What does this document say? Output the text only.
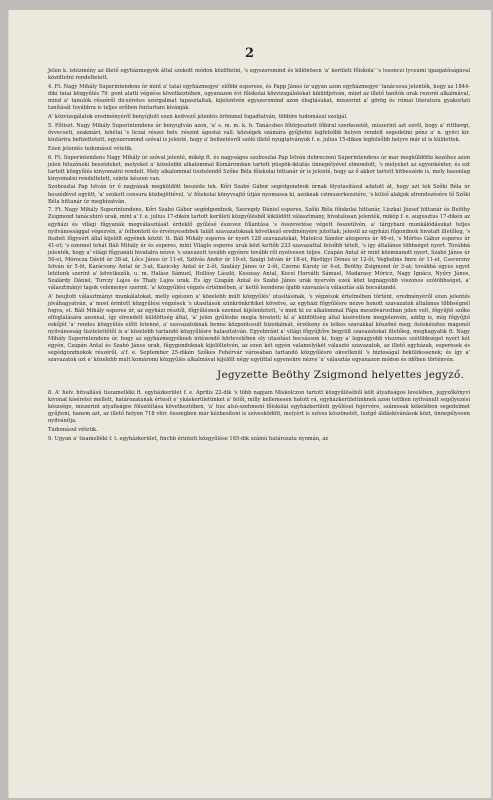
2

Jelen k. istėzmény az illető egyházmegyék által szokott módon közöltetni, 's egyszersmind és különösen 'a' kerületi főiskola' 's losonczi lyceumi igazgatóságával közöltetni rendeltetett.

4. Ft. Nagy Mihály Superintendens úr mint a' tatai egyházmegye' előbbi esperese, és Papp János úr ugyan azon egyházmegye' tanácsosa jelenték, hogy az 1844-diki tatai közgyűlés 79. pont alatti végzése következtében, ugyanazon évi főiskolai közvizsgálatokat kiküldjetván, mind az illető tanítók urak rezoréi alkalmával, mind a' tanulók részéről dicséretes szorgalmat tapasztaltak, kijelentvén egyszersmind azon óhajtásukat, miszerint a' görög és római literatura gyakorlati tanítását továbbra is teljes erőben fentartani kívánják.

A' közvizsgálatok eredményéről benyújtott ezen kedvező jelentés örömmel fogadtatván, többire tudomásul szolgál.

5. Főtiszt. Nagy Mihály Superintendens úr benyujtván azon, 'a' s. m. m. k. h. Tanácsbes főtörjesztett főbiral szerkezetét, miszerint azt ezről, hogy a' ritthergi, övvecseti, szakmári, lehétai 's liczai részei helv. részint ágostai vall. községek számára gyűjtetni legfelsőbb helyen rendelt segedelmi pénz a' n. gyöci kir. kiutárira befizettetett, egyszersmind szóval is jelenté, hogy a' befizetésről szóló illető nyugtatványok f. e. julius 15-diken legfelsőbb helyre már el is küldettek.

Ezen jelentés tudomásul vétetik.

6. Ft. Superintendens Nagy Mihály úr szóval jelenté, mikép ft. és nagyságos szoboszlai Pap István debreczeni Superintendens úr mar megküldötte kezéhez azon jelen hitszónoki beszédeket, melyeket a' közelebbi alkalommal Komáromban tartott püspök-iktatás ünnepélyével elmondott, 's melyeket az egyenkénter, és ezt tartott közgyűlés kinyomatni rendelt. Mely alkalommal tisztelendő Szőke Béla főiskolai hittanár úr is jelenté, hogy az ő akkor tartott hitbeszéde is, mely hasonlag kinyomatni rendeltetett, szinte készen van.

Szoboszlai Pap István úr ő nagyának megküldött beszéde tek. Kőri Szabó Gábor segédgondnok úrnak ölyutasításul adatott át, hogy azt tek Szőki Béla úr beszédével együtt, 'a' szokott censura közbejöttével, 'a' főiskolai könyvsajtó útján nyomassa ki, azoknak czimszerkezetére, 's külső alakjok elrendezésére tő Szőki Béla hittanár úr megbízatván.

7. Ft. Nagy Mihály Superintendens, Kőri Szabó Gábor segédgondnok, Szeregdy Dániel esperes, Szőki Béla főiskolai hittanár, Liszkai József hittanár és Beöthy Zsigmond tanácsbiró urak, mint a' f. e. julius 17-dikén tartott kerületi közgyűlésből kiküldött választmány, hivatalosan jelenték, mikép f. e. augusztus 17-dikén az egyházi és világi fűgyanák megválasztását érdeklő gyűlésé észevez főlantása 's összevetése végett összeülvén, a' tárgyhani munkálódásukat teljes nyilvánossággal végezvén, a' felbontott és érvényesebbek talált szavazatoknak következő eredményére jutottak; jelesül az egyházi fűgondnok hivatalt illetőleg, 's fiszhét főgyeért állal kijelölt egyének közül: tt. Báli Mihály esperes úr nyert 128 szavazatokat, Matolcsi Sándor alesperes úr 46-ot, 's Mórtos Gábor esperes úr 41-et; 's ezennel tehát Báli Mihály úr és esperes, mint Világlo esperes urak közt kettőb 233 szavazattal felsőbb tételt, 's így általános többséget nyert. Továbbá jelenték, hogy a' világi fűgyanáti hivatalra nézve 's szavazott tovább egyénre tovább ről nyelvesen teljes. Czapán Antal úr mint közmnanott nyert, Szabó János úr 50-et, Mórocza Dávid úr 38-at, Lőcs János úr 11-et, Szilvás Andor úr 19-et, Szalgi István úr 18-et, Pávölgyi Dénes úr 12-őt, Veghelins Imre úr 11-et, Csererzny István úr 5-öt, Karácsony Antal úr 3-at, Kazicsky Antal úr 2-őt, Szalázy János úr 2-őt, Czerne Károly úr 4-et, Beöthy Zsigmond úr 3-at; továbbá egyes egyet letétenk szerint a' következők, u. m. Halász Sámuel, Hollósy László, Keszeay Antal, Kocsi Horváth Sámuel, Madarasy Móricz, Nagy Ignácz, Nyúry János, Szalárdy Dániel, Turczy Lajos és Thaly Lajos urak. És így Czapán Antal és Szabó János urak nyervén ezek közt legnagyobb viszonos szótöbbséget, a' választmányi tagok velemenye szerint, 'a' közgyűlési végzés értelmében, a' kettő leendene újabb szavazás'a választás alá bocsátandó.

A' beujtott választmányi munkálatokat, melly egészen a' közelebb múlt közgyűlés' utasításinak, 's végzésok értelmében történt, eredményéről ezen jelentés jóváhagyatván, a' most érintett közgyűlési végzések 's utasítások szinkrönkritiket követve, az egyházi főgyűlésre nézve bonott szavazatok általános többségnél fogva, st. Báli Mihály esperes úr, az egyházi résztől, főgyűlésnek ezennel kijelentetett, 's mint ki ez alkalommal Pápa meszövároslban jelen volt, főgyűjtő szőke elfoglalására azonnal, így elrendelt küldöttség által, 'a' jelen gyűlésbe megla hivatott; kí a' küldöttség által kisérettem megjelenvén, addig is, míg főgyűjtő eskűjét 'a' rendes közgyűlés előtt letenné, a' szavazatoknak benne központosult bizodalmát, érzékeny és lelkes szavakkal köszöné meg; ösöskésztee magonól nyilvánosság tisztelettőtől is a' közelebb tartandó közgyűlésre halasztatván. Egyebiránt a' világi főgyűjtőre begyült szavazatokat illetőleg, meghagyatik ft. Nagy Mihály Superintendens úr, hogy az egyházmegyéknek intézendő körlevelében oly utasítást bocsásson ki, hogy a' legnagyobb viszonos szótöbbséget nyert két egyén, Czapán Antal és Szabó János urak, fűgygondoknak kijelöltetvén, az ezen két egyén valamelyikét választó szavazatok, az illető egyházak, esperesek és segédgondnokok részéről, a'f. e. September 25-dikén Szőkes Fehérvár városában tartandó közgyűlésre okvetlenül 's biztoságal beküldessenek; és így a' szavazatok ozt e' közelebb mult komáromi közgyűlés alkalmával kijelölt négy együttal egyenekre nézve 'a' választás egyanazon módon és időben történvén.

Jegyzette Beöthy Zsigmond helyettes jegyző.

8. A' helv. hitvallású tiszamelléki ft. egyházkerület f. e. Aprilis 22-dik 's több napjain Miskolczon tartott közgyűléséből költ átyafiságos levelében, jegyzőkönyvi kivonat kíséretei mellett, határozatának értesít e' ykáskerületünket a' felől, milly kellemesen hatott rá, egyházkerületünknek azon tetthen nyilvánult segélyezési készsége, miszerint atyafiságos fölszólítása következtében, 'a' tisz alsó-szehmeni főiskolai egyházkerületi gyűlései fejérvére, számosak kékelében segedelmet gyűjteni, hanem azt, az illető helyen 718 vfor. összegben már kézbesíteni is szívesködött, melyért is szíves köszönetét, Isztgő áldáskívánások közt, ünnepélyesen nyilvánítja.

Tudomásul vétetik.

9. Ugyan a' tisamelléki f. t. egyházkerület, finchb érintett közgyűlése 165-dik számú határozata nyomán, az
